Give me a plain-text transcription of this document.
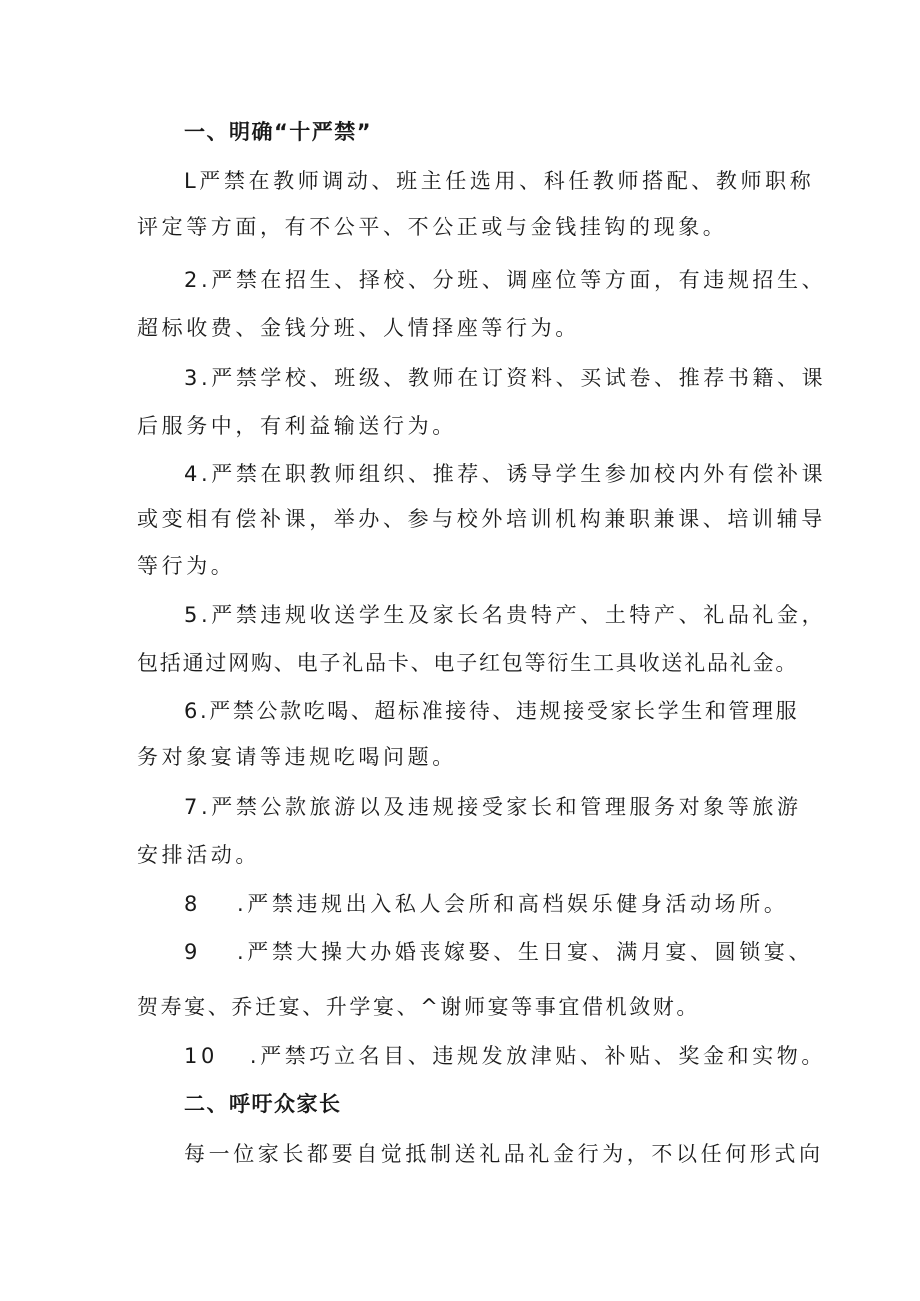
一、明确“十严禁”
L严禁在教师调动、班主任选用、科任教师搭配、教师职称
评定等方面，有不公平、不公正或与金钱挂钩的现象。
2.严禁在招生、择校、分班、调座位等方面，有违规招生、
超标收费、金钱分班、人情择座等行为。
3.严禁学校、班级、教师在订资料、买试卷、推荐书籍、课
后服务中，有利益输送行为。
4.严禁在职教师组织、推荐、诱导学生参加校内外有偿补课
或变相有偿补课，举办、参与校外培训机构兼职兼课、培训辅导
等行为。
5.严禁违规收送学生及家长名贵特产、土特产、礼品礼金，
包括通过网购、电子礼品卡、电子红包等衍生工具收送礼品礼金。
6.严禁公款吃喝、超标准接待、违规接受家长学生和管理服
务对象宴请等违规吃喝问题。
7.严禁公款旅游以及违规接受家长和管理服务对象等旅游
安排活动。
8 .严禁违规出入私人会所和高档娱乐健身活动场所。
9 .严禁大操大办婚丧嫁娶、生日宴、满月宴、圆锁宴、
贺寿宴、乔迁宴、升学宴、^谢师宴等事宜借机敛财。
10 .严禁巧立名目、违规发放津贴、补贴、奖金和实物。
二、呼吁众家长
每一位家长都要自觉抵制送礼品礼金行为，不以任何形式向
